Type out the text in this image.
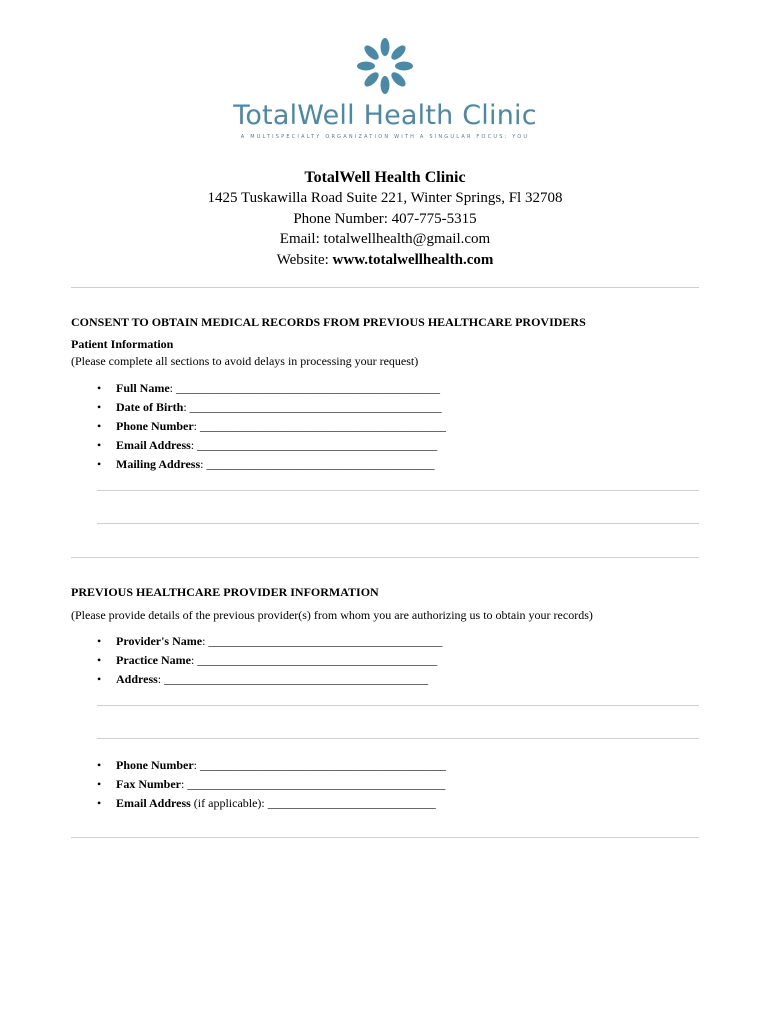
TotalWell Health Clinic
A MULTISPECIALTY ORGANIZATION WITH A SINGULAR FOCUS: YOU
TotalWell Health Clinic
1425 Tuskawilla Road Suite 221, Winter Springs, Fl 32708
Phone Number: 407-775-5315
Email: totalwellhealth@gmail.com
Website: www.totalwellhealth.com
CONSENT TO OBTAIN MEDICAL RECORDS FROM PREVIOUS HEALTHCARE PROVIDERS
Patient Information
(Please complete all sections to avoid delays in processing your request)
• Full Name: ____________________________________________
• Date of Birth: __________________________________________
• Phone Number: _________________________________________
• Email Address: ________________________________________
• Mailing Address: ______________________________________
PREVIOUS HEALTHCARE PROVIDER INFORMATION
(Please provide details of the previous provider(s) from whom you are authorizing us to obtain your records)
• Provider's Name: _______________________________________
• Practice Name: ________________________________________
• Address: ____________________________________________
• Phone Number: _________________________________________
• Fax Number: ___________________________________________
• Email Address (if applicable): ____________________________
